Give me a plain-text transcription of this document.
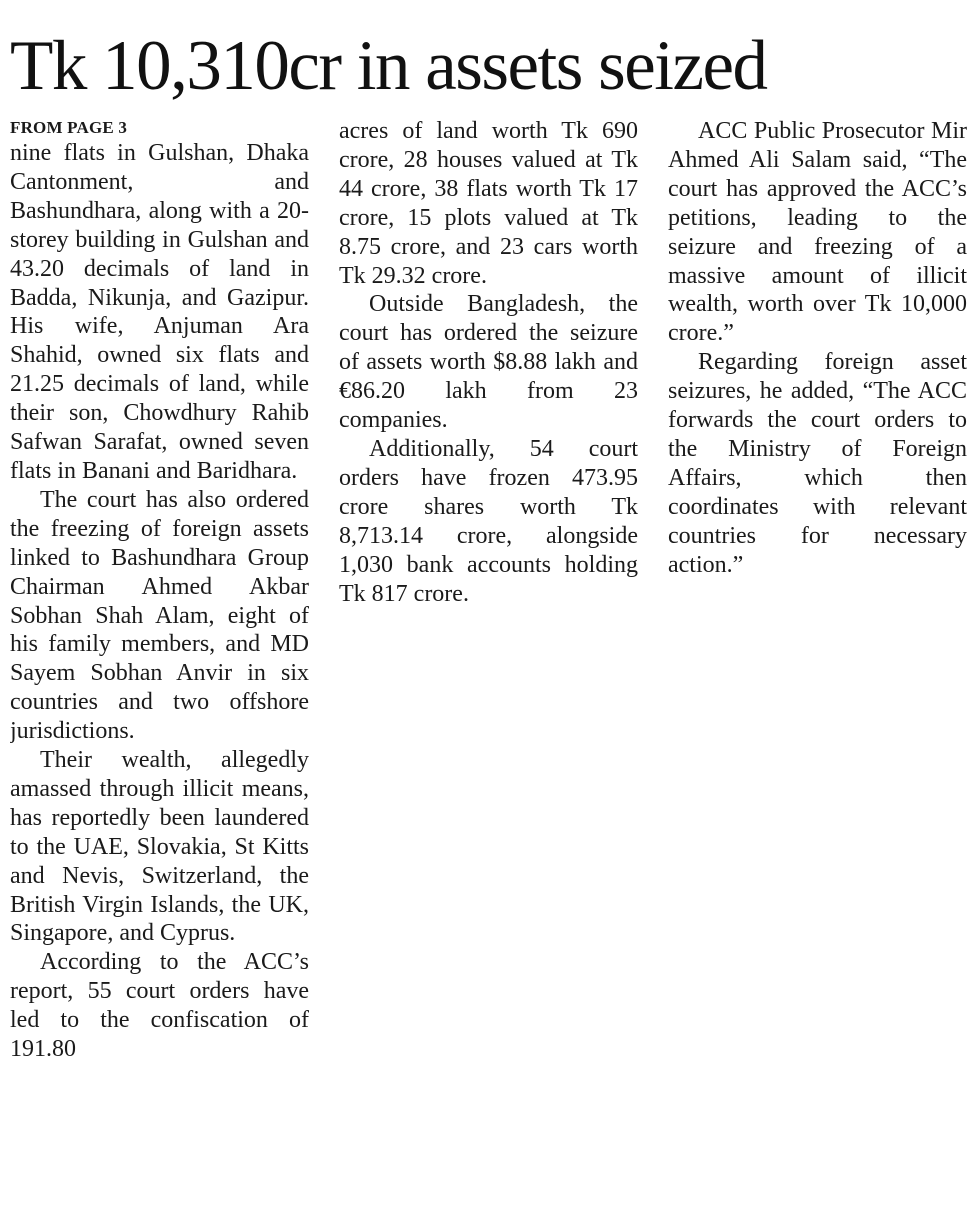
Tk 10,310cr in assets seized
FROM PAGE 3

nine flats in Gulshan, Dhaka Cantonment, and Bashundhara, along with a 20-storey building in Gulshan and 43.20 decimals of land in Badda, Nikunja, and Gazipur. His wife, Anjuman Ara Shahid, owned six flats and 21.25 decimals of land, while their son, Chowdhury Rahib Safwan Sarafat, owned seven flats in Banani and Baridhara.

The court has also ordered the freezing of foreign assets linked to Bashundhara Group Chairman Ahmed Akbar Sobhan Shah Alam, eight of his family members, and MD Sayem Sobhan Anvir in six countries and two offshore jurisdictions.

Their wealth, allegedly amassed through illicit means, has reportedly been laundered to the UAE, Slovakia, St Kitts and Nevis, Switzerland, the British Virgin Islands, the UK, Singapore, and Cyprus.

According to the ACC’s report, 55 court orders have led to the confiscation of 191.80

acres of land worth Tk 690 crore, 28 houses valued at Tk 44 crore, 38 flats worth Tk 17 crore, 15 plots valued at Tk 8.75 crore, and 23 cars worth Tk 29.32 crore.

Outside Bangladesh, the court has ordered the seizure of assets worth $8.88 lakh and €86.20 lakh from 23 companies.

Additionally, 54 court orders have frozen 473.95 crore shares worth Tk 8,713.14 crore, alongside 1,030 bank accounts holding Tk 817 crore.

ACC Public Prosecutor Mir Ahmed Ali Salam said, “The court has approved the ACC’s petitions, leading to the seizure and freezing of a massive amount of illicit wealth, worth over Tk 10,000 crore.”

Regarding foreign asset seizures, he added, “The ACC forwards the court orders to the Ministry of Foreign Affairs, which then coordinates with relevant countries for necessary action.”
